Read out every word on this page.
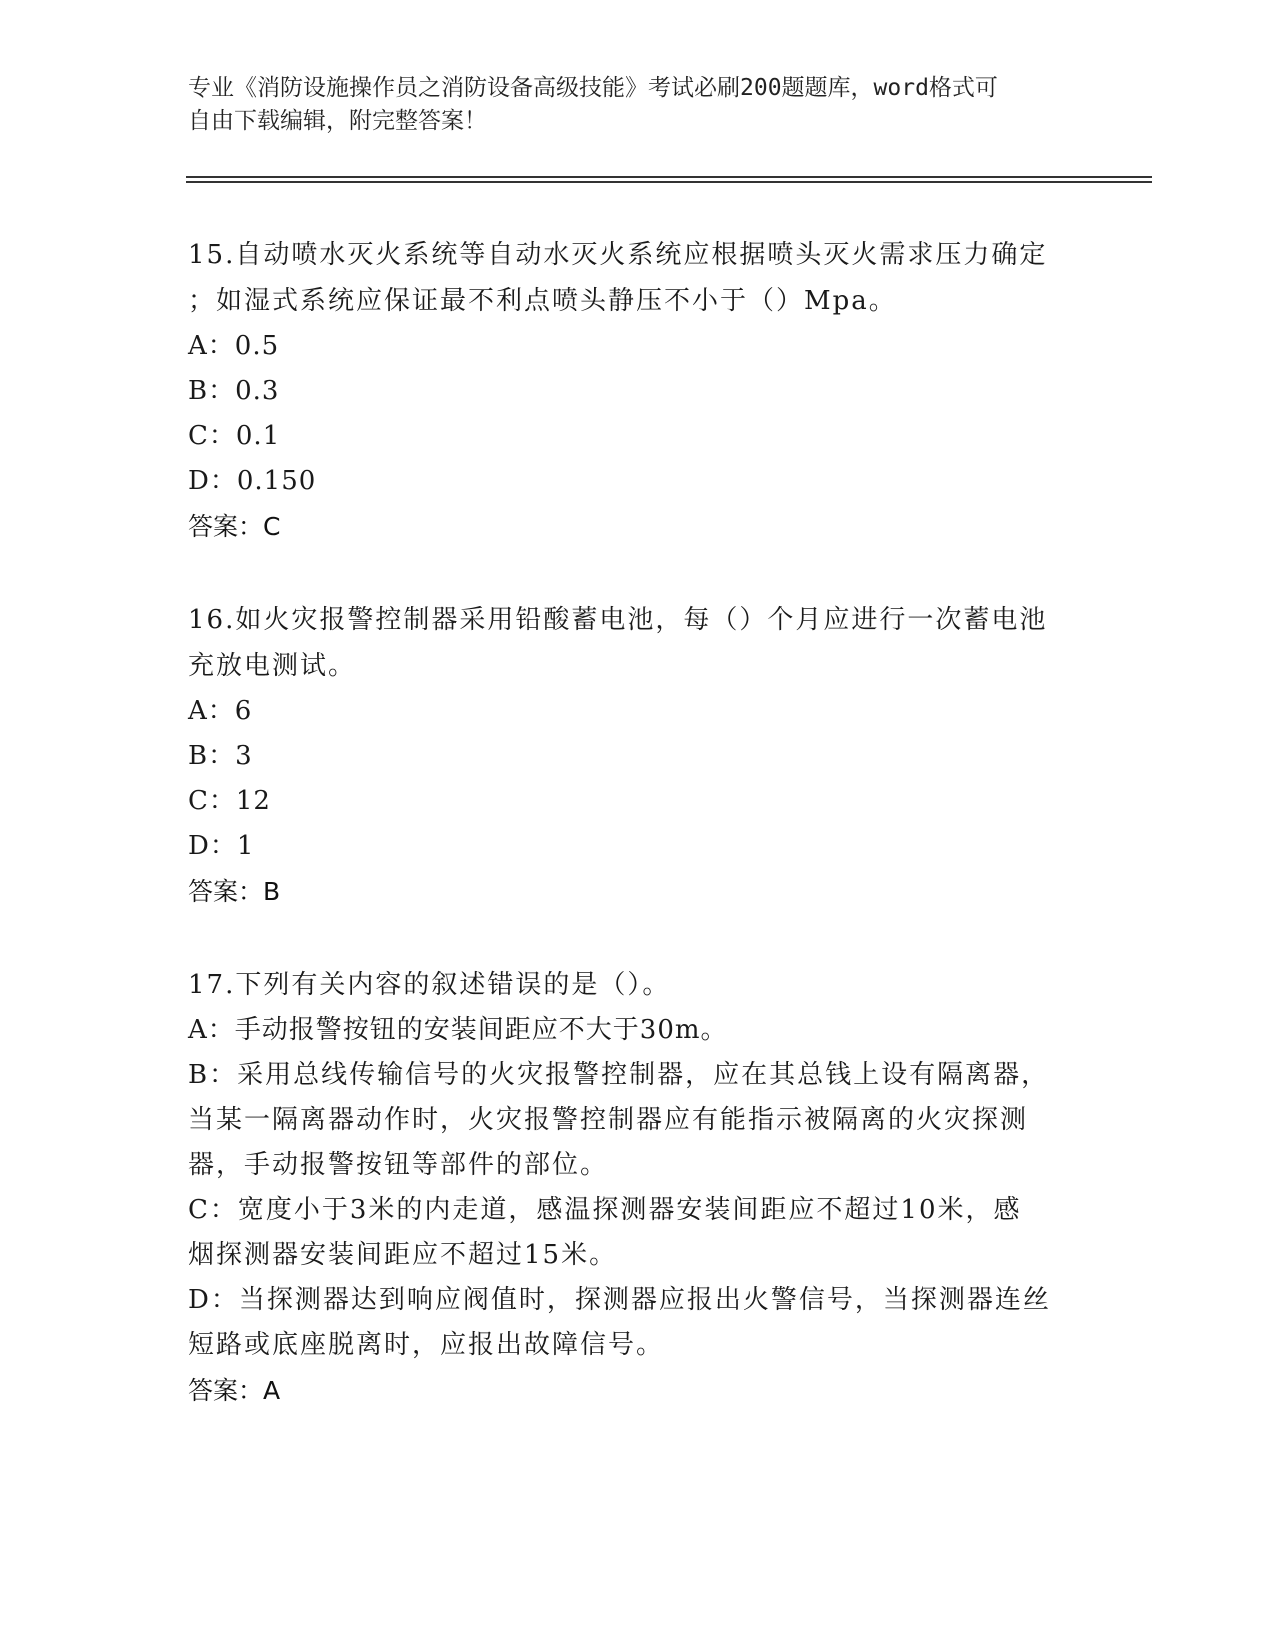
专业《消防设施操作员之消防设备高级技能》考试必刷200题题库，word格式可
自由下载编辑，附完整答案！
15.自动喷水灭火系统等自动水灭火系统应根据喷头灭火需求压力确定
；如湿式系统应保证最不利点喷头静压不小于（）Mpa。
A：0.5
B：0.3
C：0.1
D：0.150
答案：C
16.如火灾报警控制器采用铅酸蓄电池，每（）个月应进行一次蓄电池
充放电测试。
A：6
B：3
C：12
D：1
答案：B
17.下列有关内容的叙述错误的是（）。
A：手动报警按钮的安装间距应不大于30m。
B：采用总线传输信号的火灾报警控制器，应在其总钱上设有隔离器，
当某一隔离器动作时，火灾报警控制器应有能指示被隔离的火灾探测
器，手动报警按钮等部件的部位。
C：宽度小于3米的内走道，感温探测器安装间距应不超过10米，感
烟探测器安装间距应不超过15米。
D：当探测器达到响应阀值时，探测器应报出火警信号，当探测器连丝
短路或底座脱离时，应报出故障信号。
答案：A
